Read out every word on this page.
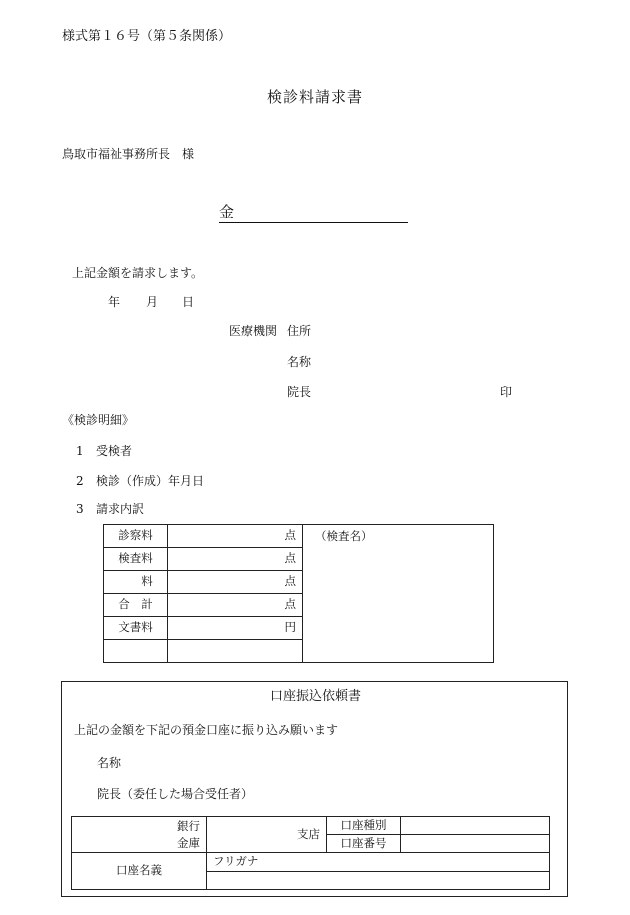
様式第１６号（第５条関係）
検診料請求書
鳥取市福祉事務所長　様
金
上記金額を請求します。
年 月 日
医療機関 住所
名称
院長	印
《検診明細》
1 受検者
2 検診（作成）年月日
3 請求内訳
診察料	点	（検査名）
検査料	点	
　　料	点	
合　計	点	
文書料	円	

口座振込依頼書
上記の金額を下記の預金口座に振り込み願います
名称
院長（委任した場合受任者）
銀行
金庫	支店	口座種別	
		口座番号	
口座名義	フリガナ		
